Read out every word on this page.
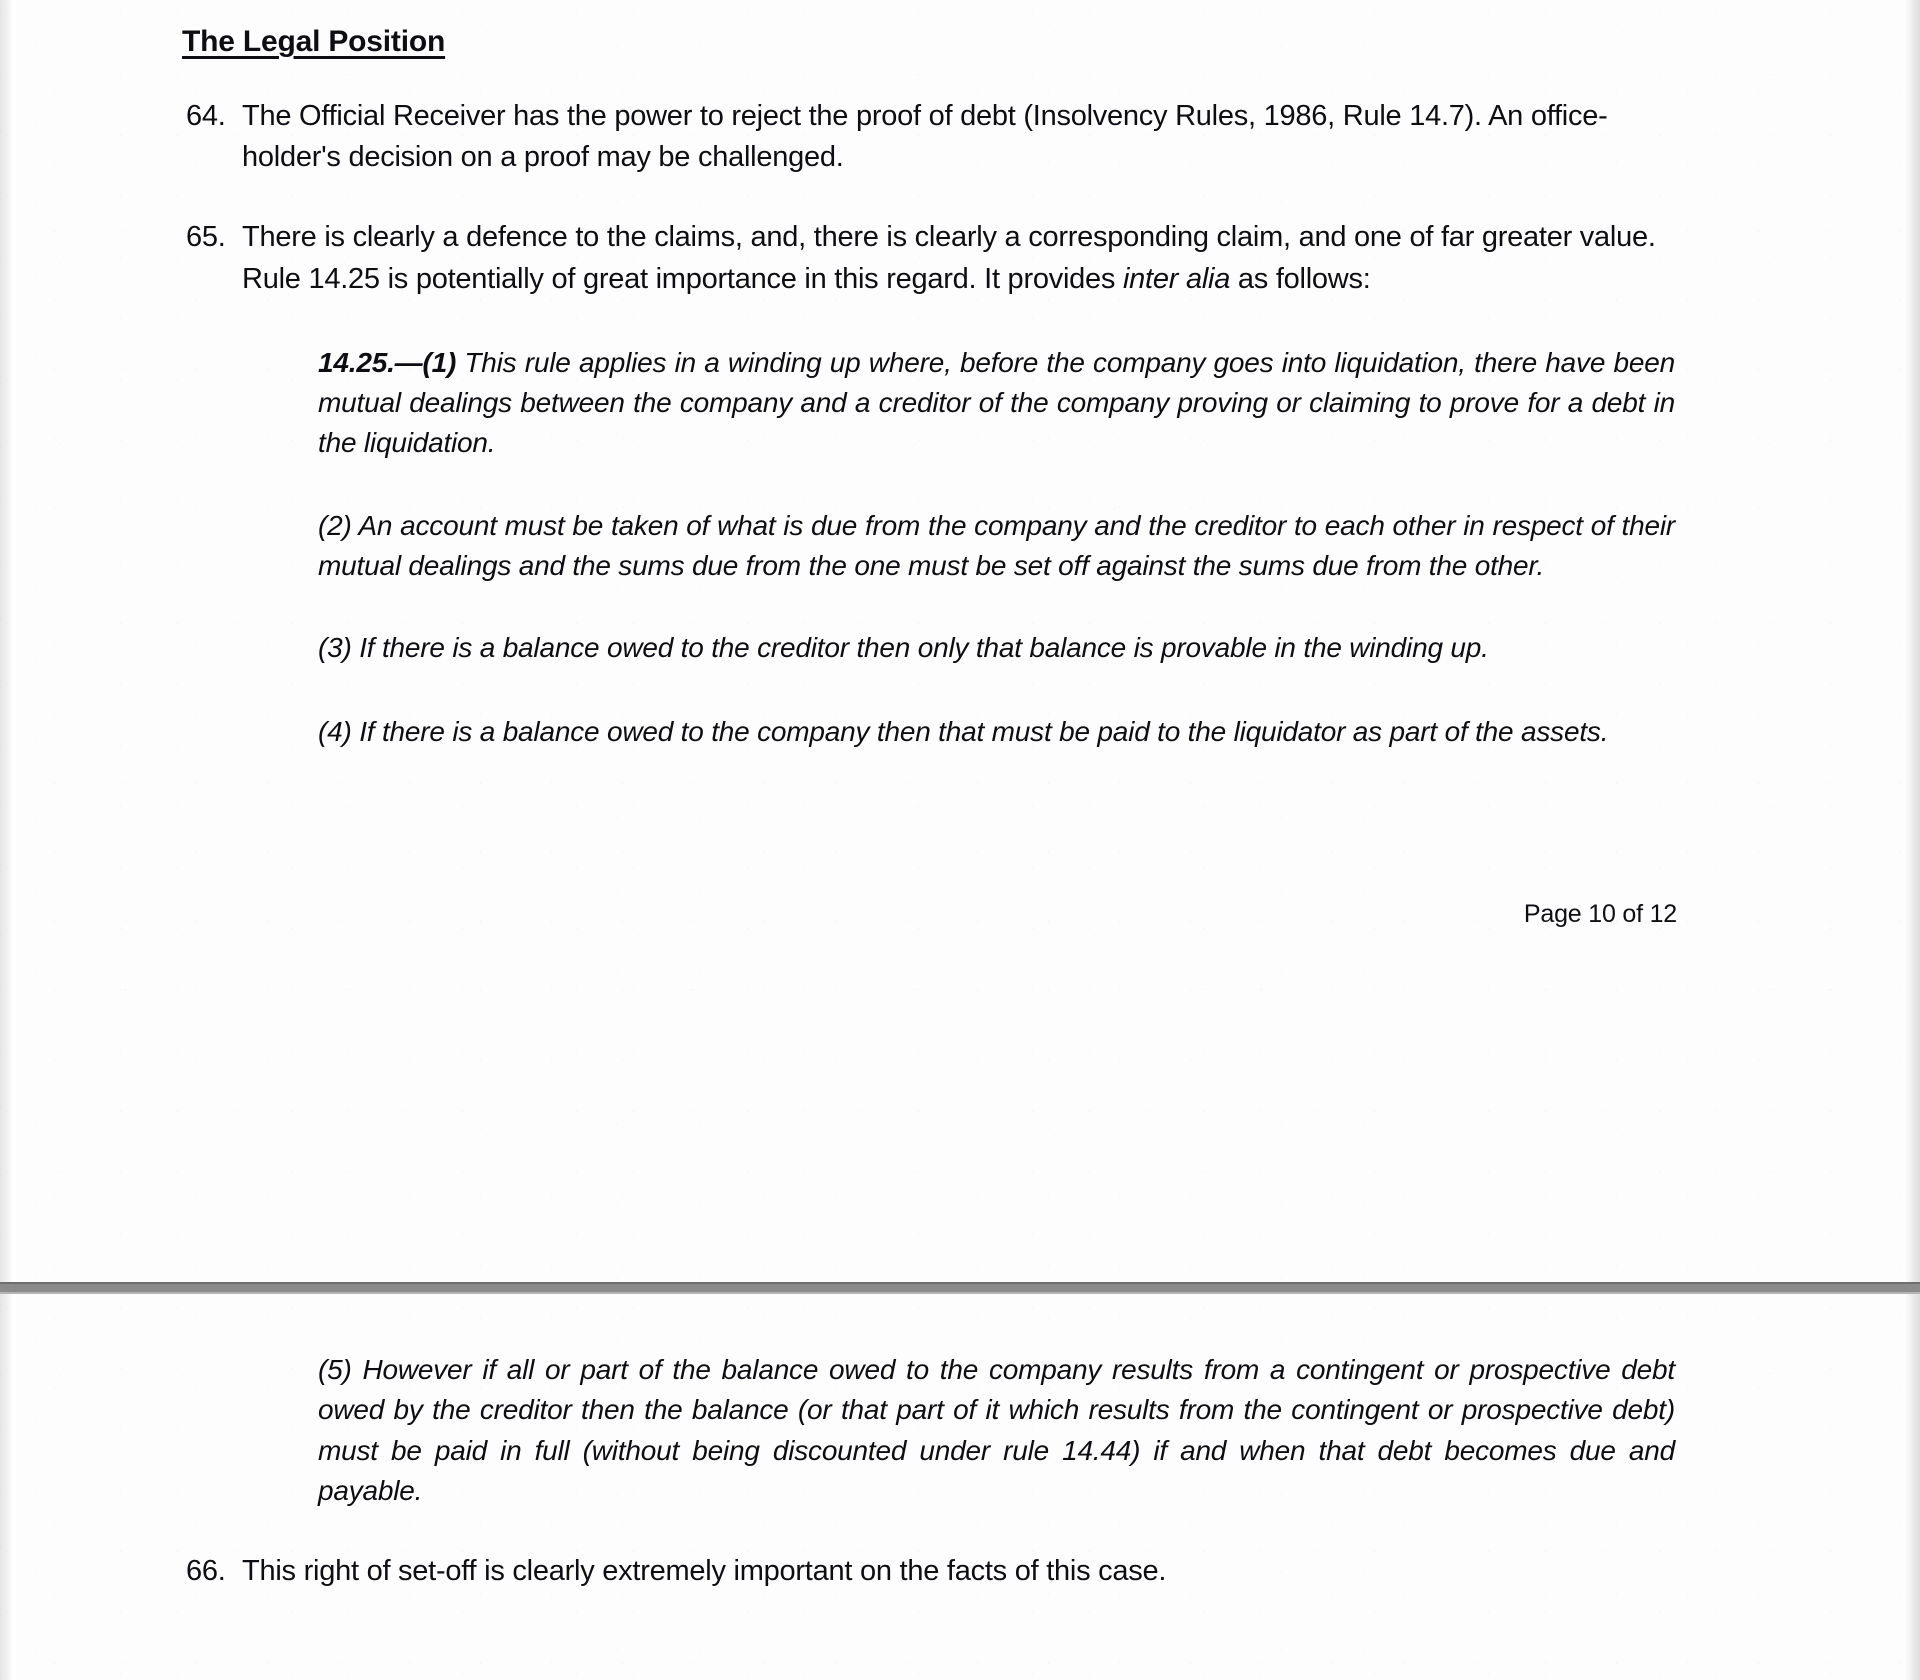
The Legal Position
64. The Official Receiver has the power to reject the proof of debt (Insolvency Rules, 1986, Rule 14.7). An office-holder's decision on a proof may be challenged.
65. There is clearly a defence to the claims, and, there is clearly a corresponding claim, and one of far greater value. Rule 14.25 is potentially of great importance in this regard. It provides inter alia as follows:

14.25.—(1) This rule applies in a winding up where, before the company goes into liquidation, there have been mutual dealings between the company and a creditor of the company proving or claiming to prove for a debt in the liquidation.

(2) An account must be taken of what is due from the company and the creditor to each other in respect of their mutual dealings and the sums due from the one must be set off against the sums due from the other.

(3) If there is a balance owed to the creditor then only that balance is provable in the winding up.

(4) If there is a balance owed to the company then that must be paid to the liquidator as part of the assets.

Page 10 of 12

(5) However if all or part of the balance owed to the company results from a contingent or prospective debt owed by the creditor then the balance (or that part of it which results from the contingent or prospective debt) must be paid in full (without being discounted under rule 14.44) if and when that debt becomes due and payable.

66. This right of set-off is clearly extremely important on the facts of this case.
